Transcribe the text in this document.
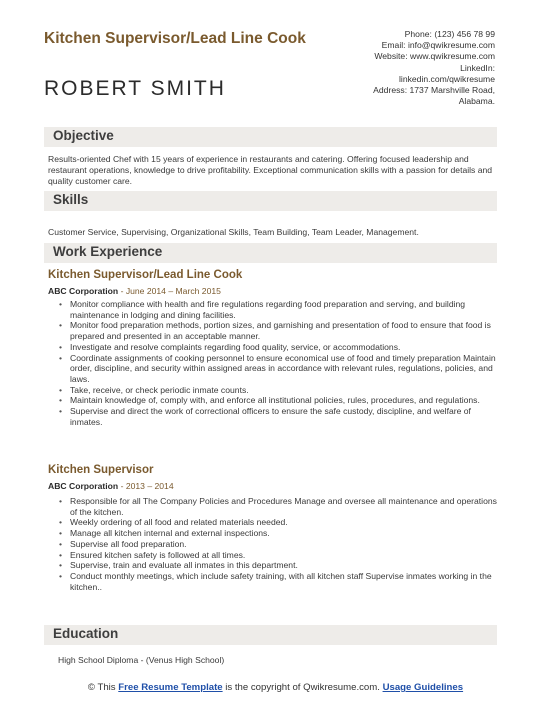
Kitchen Supervisor/Lead Line Cook
ROBERT SMITH
Phone: (123) 456 78 99
Email: info@qwikresume.com
Website: www.qwikresume.com
LinkedIn:
linkedin.com/qwikresume
Address: 1737 Marshville Road, Alabama.
Objective
Results-oriented Chef with 15 years of experience in restaurants and catering. Offering focused leadership and restaurant operations, knowledge to drive profitability. Exceptional communication skills with a passion for details and quality customer care.
Skills
Customer Service, Supervising, Organizational Skills, Team Building, Team Leader, Management.
Work Experience
Kitchen Supervisor/Lead Line Cook
ABC Corporation - June 2014 – March 2015
• Monitor compliance with health and fire regulations regarding food preparation and serving, and building maintenance in lodging and dining facilities.
• Monitor food preparation methods, portion sizes, and garnishing and presentation of food to ensure that food is prepared and presented in an acceptable manner.
• Investigate and resolve complaints regarding food quality, service, or accommodations.
• Coordinate assignments of cooking personnel to ensure economical use of food and timely preparation Maintain order, discipline, and security within assigned areas in accordance with relevant rules, regulations, policies, and laws.
• Take, receive, or check periodic inmate counts.
• Maintain knowledge of, comply with, and enforce all institutional policies, rules, procedures, and regulations.
• Supervise and direct the work of correctional officers to ensure the safe custody, discipline, and welfare of inmates.
Kitchen Supervisor
ABC Corporation - 2013 – 2014
• Responsible for all The Company Policies and Procedures Manage and oversee all maintenance and operations of the kitchen.
• Weekly ordering of all food and related materials needed.
• Manage all kitchen internal and external inspections.
• Supervise all food preparation.
• Ensured kitchen safety is followed at all times.
• Supervise, train and evaluate all inmates in this department.
• Conduct monthly meetings, which include safety training, with all kitchen staff Supervise inmates working in the kitchen..
Education
High School Diploma - (Venus High School)
© This Free Resume Template is the copyright of Qwikresume.com. Usage Guidelines
